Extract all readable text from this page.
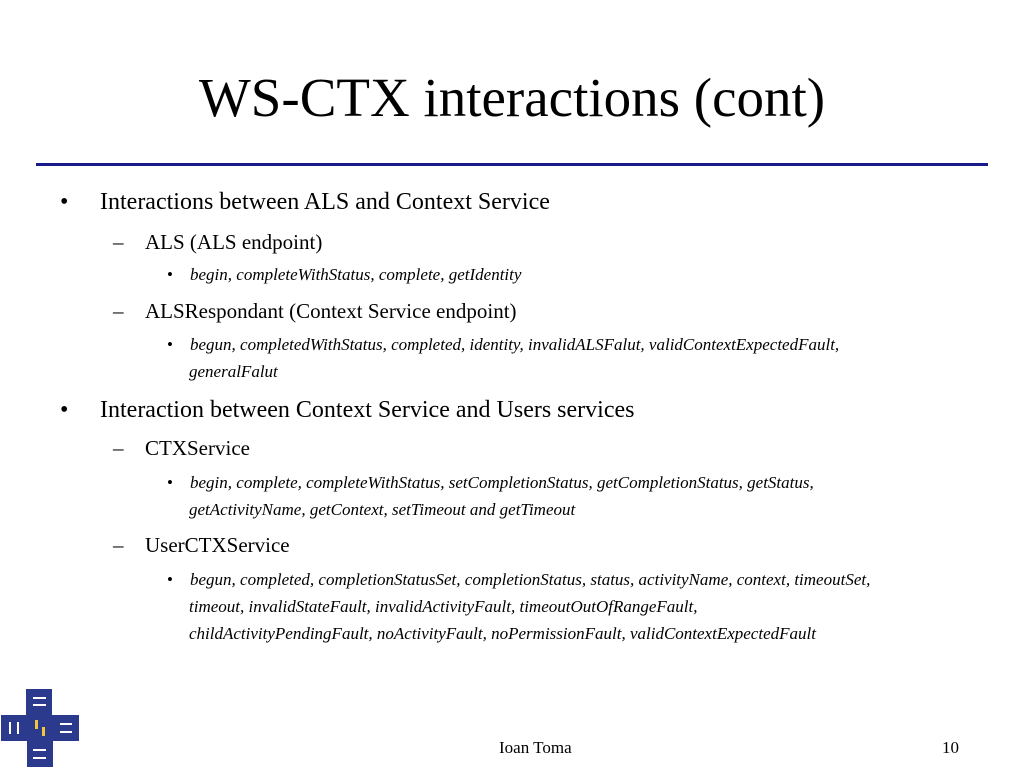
WS-CTX interactions (cont)
• Interactions between ALS and Context Service
– ALS (ALS endpoint)
• begin, completeWithStatus, complete, getIdentity
– ALSRespondant (Context Service endpoint)
• begun, completedWithStatus, completed, identity, invalidALSFalut, validContextExpectedFault,
generalFalut
• Interaction between Context Service and Users services
– CTXService
• begin, complete, completeWithStatus, setCompletionStatus, getCompletionStatus, getStatus,
getActivityName, getContext, setTimeout and getTimeout
– UserCTXService
• begun, completed, completionStatusSet, completionStatus, status, activityName, context, timeoutSet,
timeout, invalidStateFault, invalidActivityFault, timeoutOutOfRangeFault,
childActivityPendingFault, noActivityFault, noPermissionFault, validContextExpectedFault
Ioan Toma	10
